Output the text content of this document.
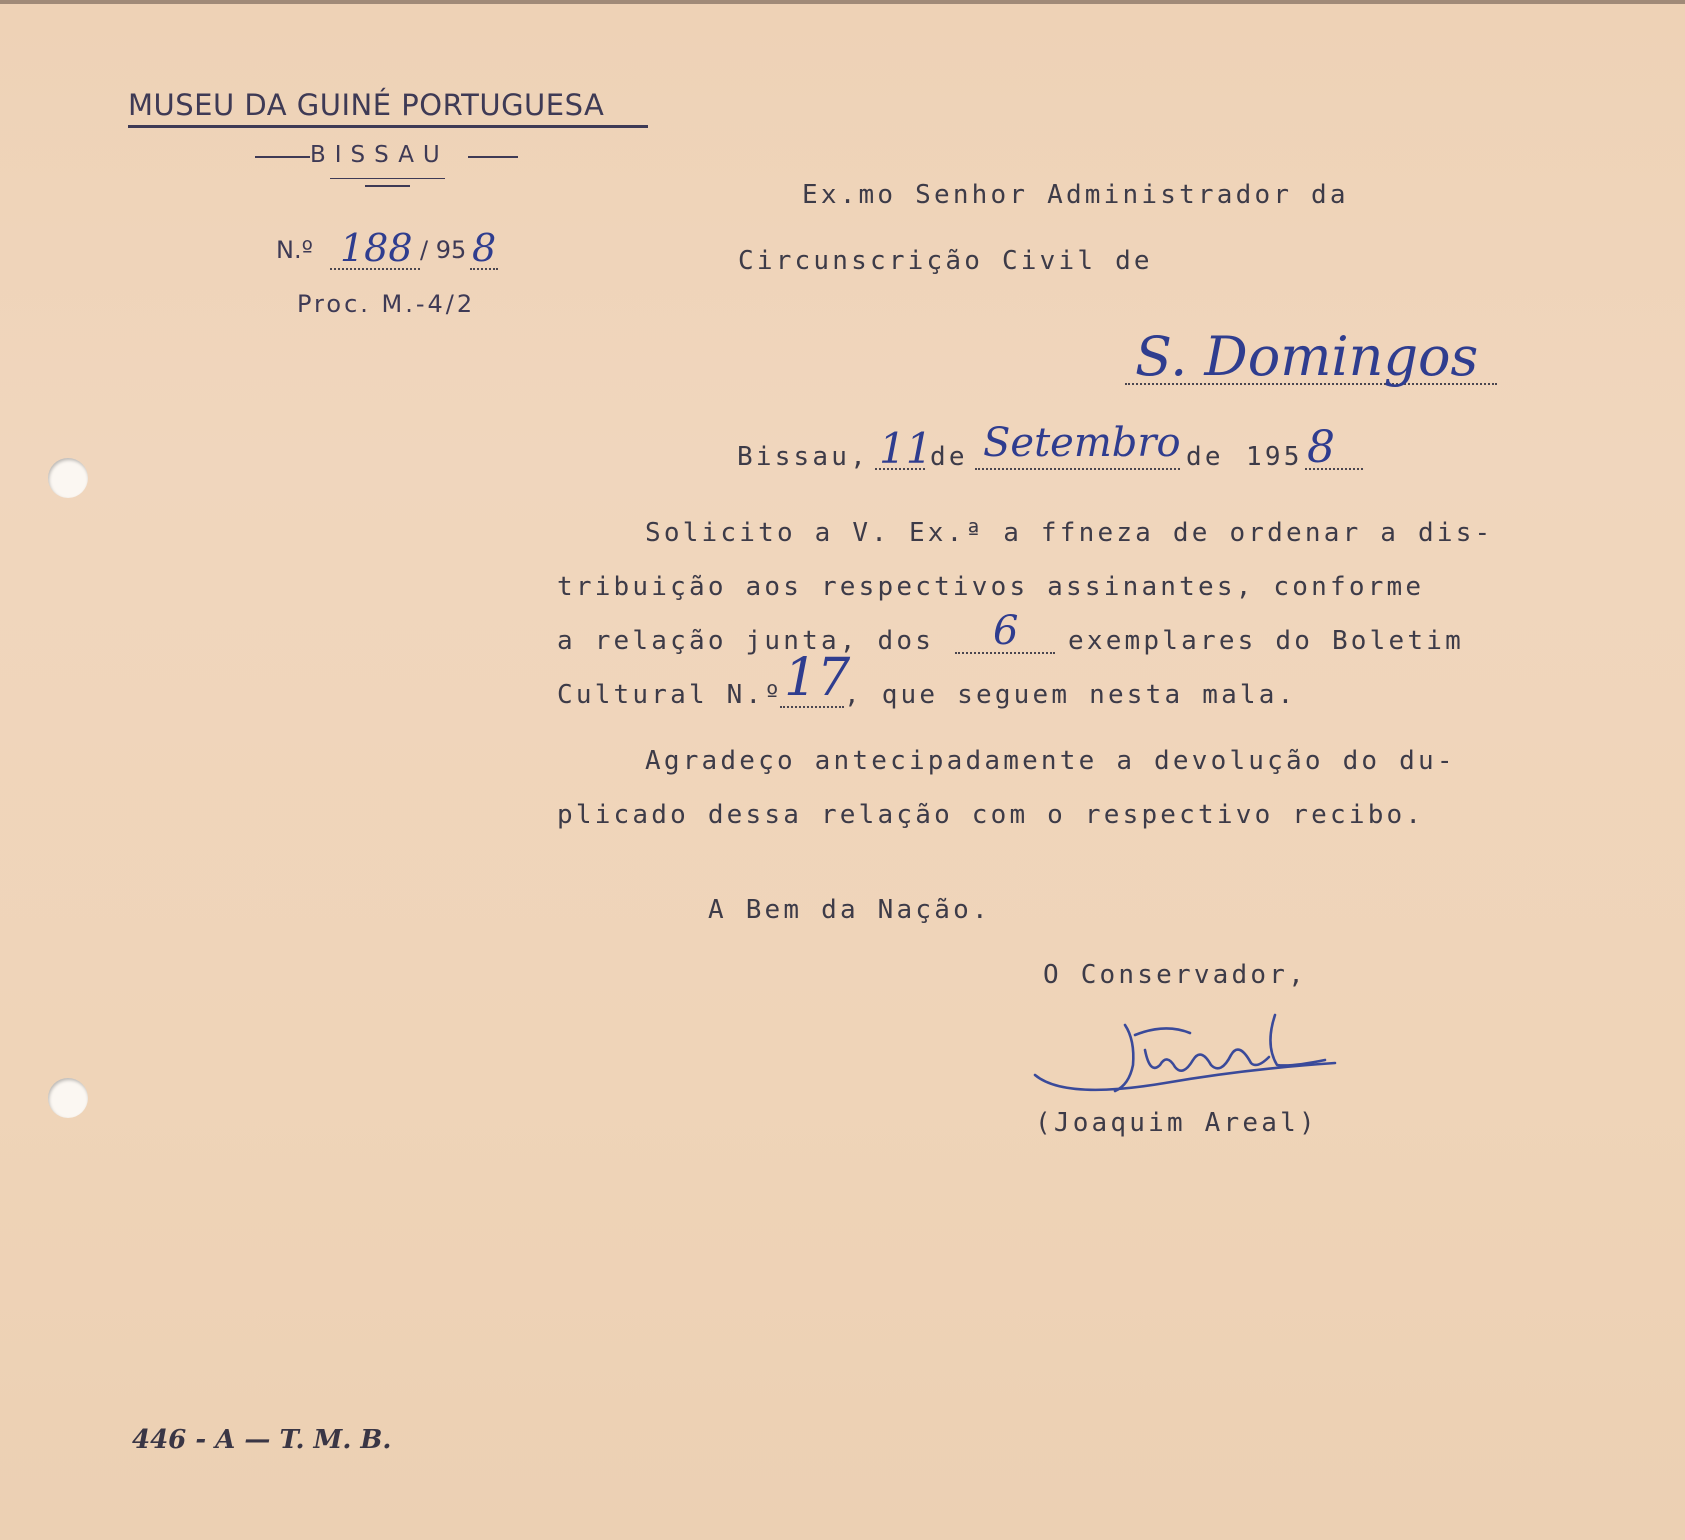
MUSEU DA GUINÉ PORTUGUESA
BISSAU
N.º 188 / 95 8
Proc. M.-4/2
Ex.mo Senhor Administrador da
Circunscrição Civil de
S. Domingos
Bissau, 11
de Setembro de 195 8
Solicito a V. Ex.ª a ffneza de ordenar a dis-
tribuição aos respectivos assinantes, conforme
a relação junta, dos 6 exemplares do Boletim
Cultural N.º 17
, que seguem nesta mala.
Agradeço antecipadamente a devolução do du-
plicado dessa relação com o respectivo recibo.
A Bem da Nação.
O Conservador,
(Joaquim Areal)
446 - A — T. M. B.
